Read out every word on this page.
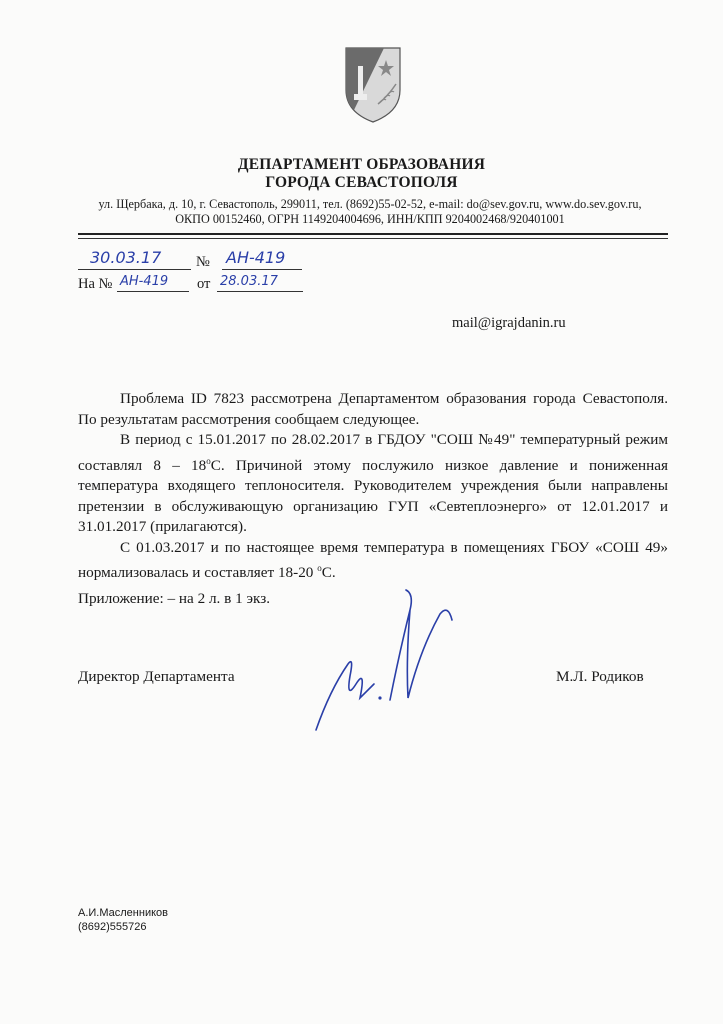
ДЕПАРТАМЕНТ ОБРАЗОВАНИЯ
ГОРОДА СЕВАСТОПОЛЯ
ул. Щербака, д. 10, г. Севастополь, 299011, тел. (8692)55-02-52, e-mail: do@sev.gov.ru, www.do.sev.gov.ru,
ОКПО 00152460, ОГРН 1149204004696, ИНН/КПП 9204002468/920401001
30.03.17 № АН-419
На № АН-419 от 28.03.17
mail@igrajdanin.ru

Проблема ID 7823 рассмотрена Департаментом образования города Севастополя. По результатам рассмотрения сообщаем следующее.

В период с 15.01.2017 по 28.02.2017 в ГБДОУ "СОШ №49" температурный режим составлял $8 - 18^оС$. Причиной этому послужило низкое давление и пониженная температура входящего теплоносителя. Руководителем учреждения были направлены претензии в обслуживающую организацию ГУП «Севтеплоэнерго» от 12.01.2017 и 31.01.2017 (прилагаются).

С 01.03.2017 и по настоящее время температура в помещениях ГБОУ «СОШ 49» нормализовалась и составляет 18-20 $^о$С.

Приложение: – на 2 л. в 1 экз.
Директор Департамента	М.Л. Родиков
А.И.Масленников
(8692)555726
